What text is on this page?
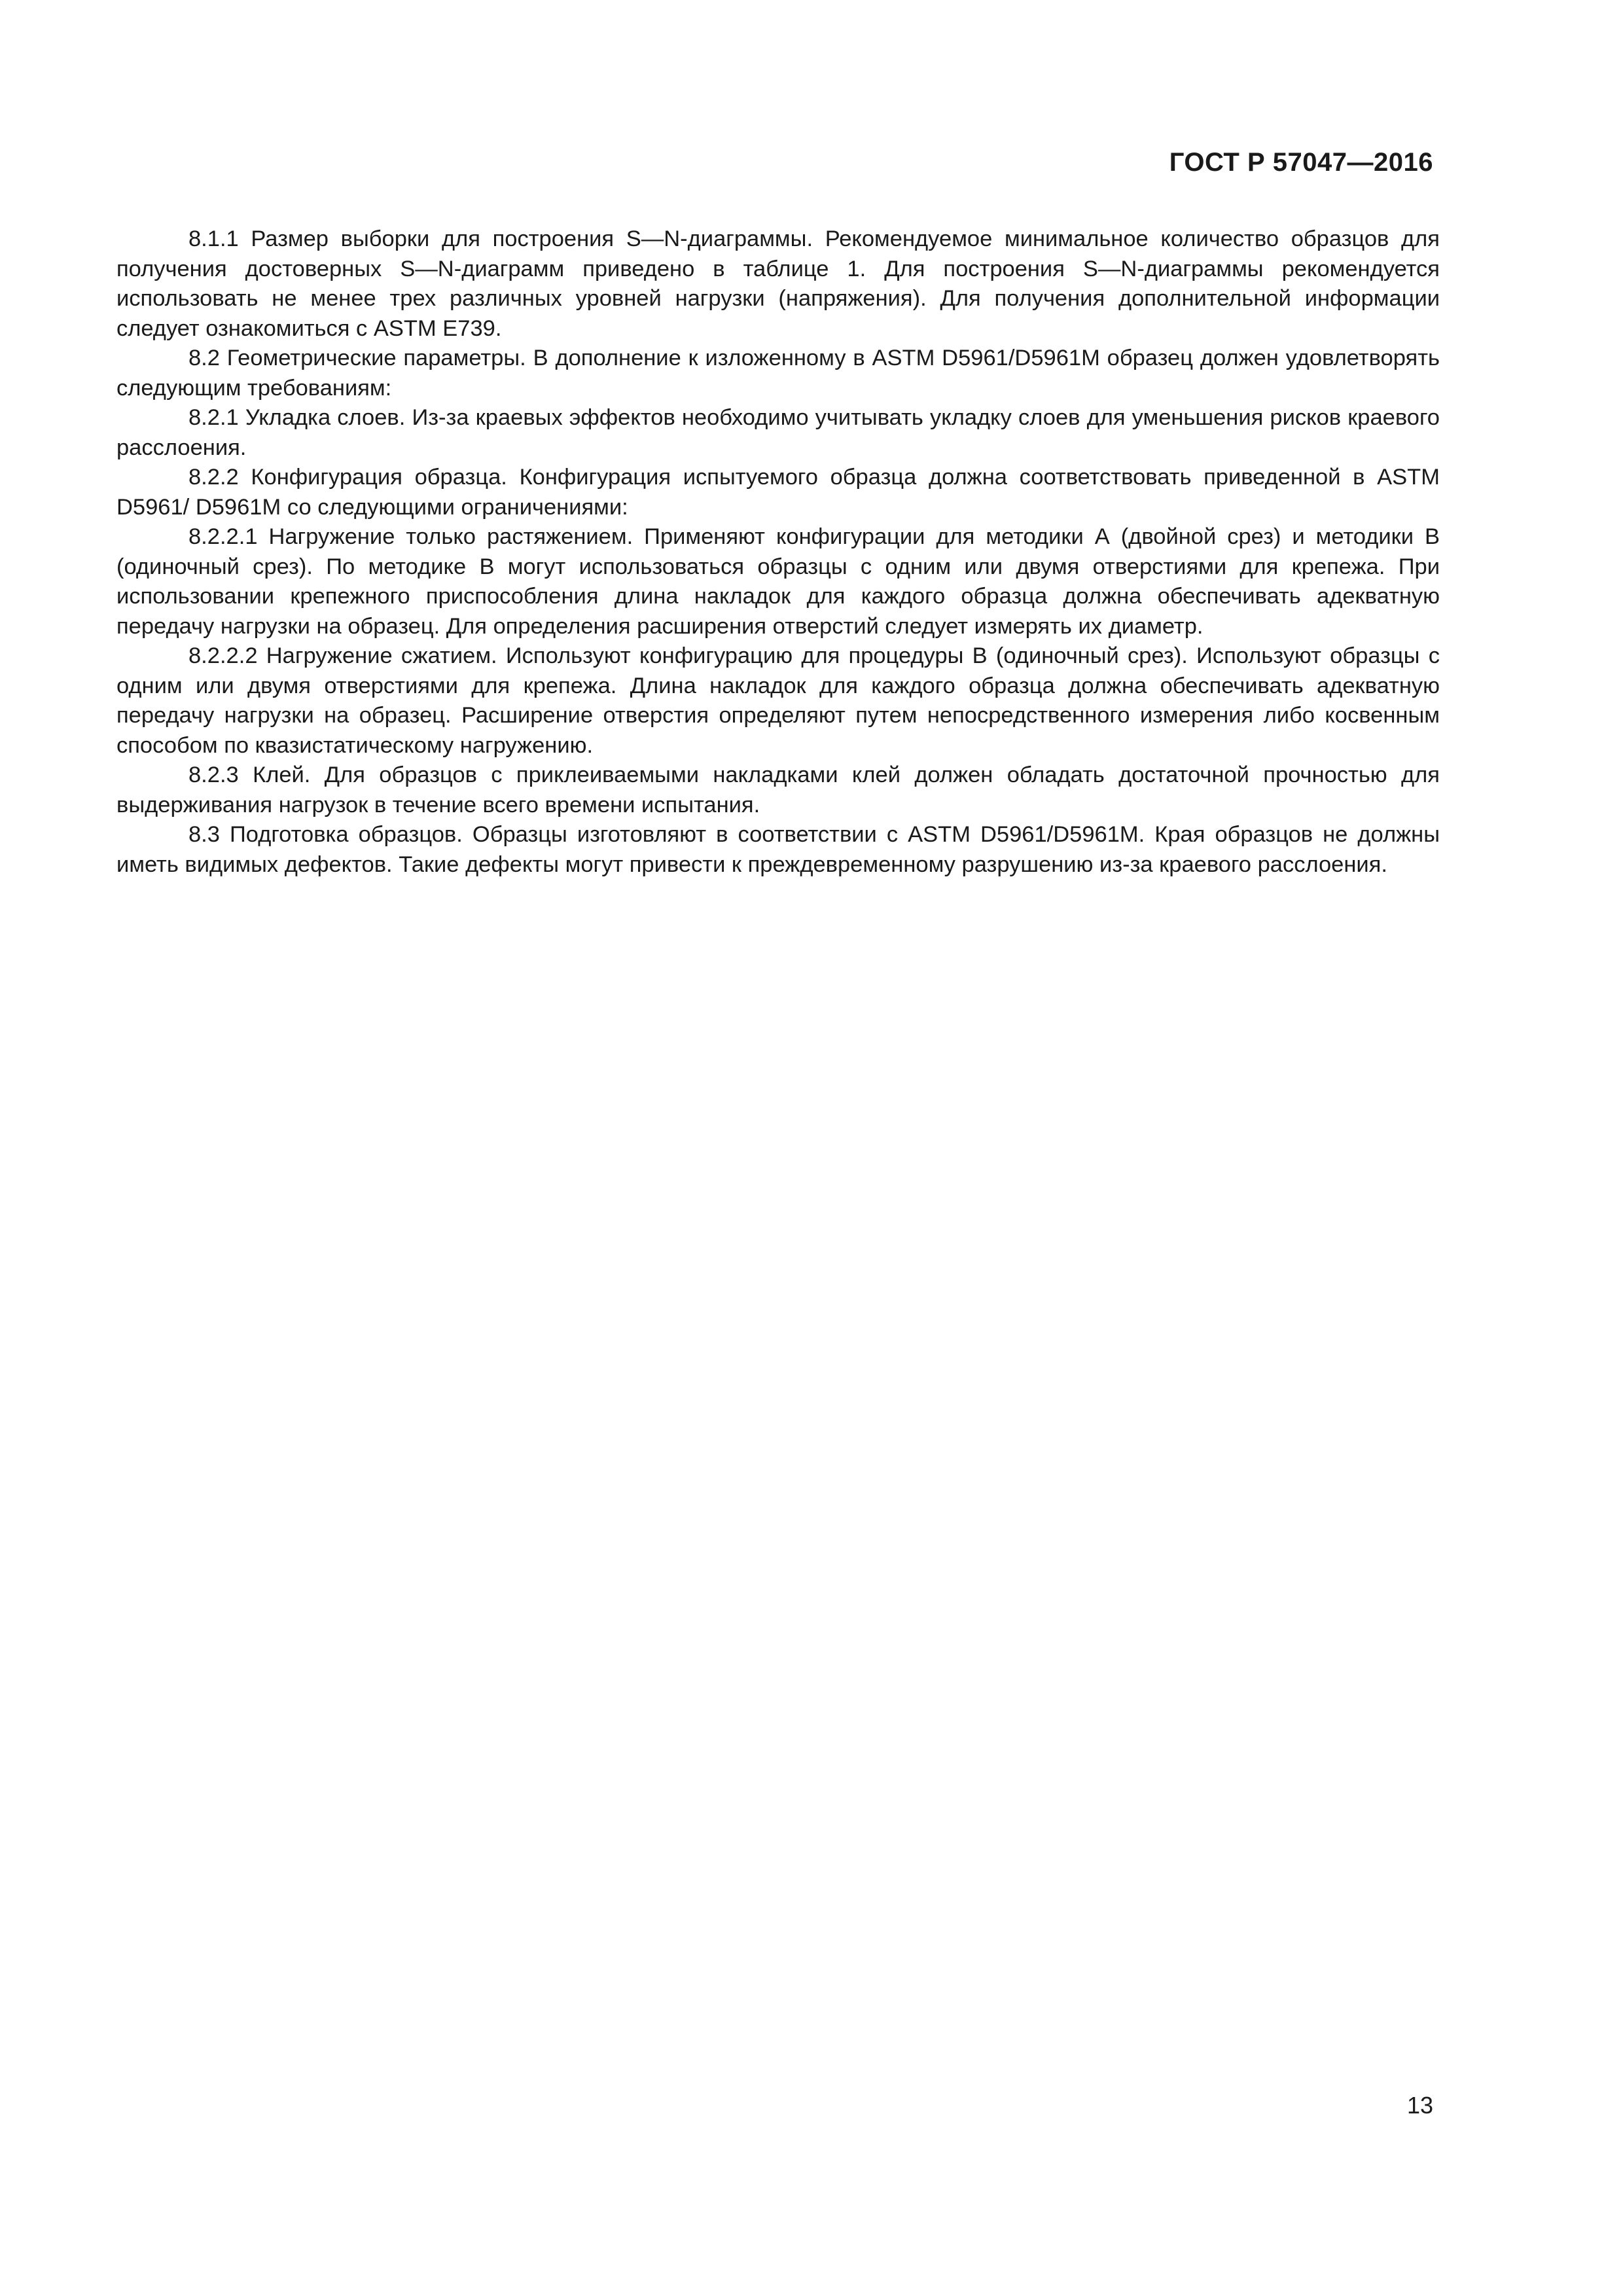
ГОСТ Р 57047—2016

8.1.1 Размер выборки для построения S—N-диаграммы. Рекомендуемое минимальное количество образцов для получения достоверных S—N-диаграмм приведено в таблице 1. Для построения S—N-диаграммы рекомендуется использовать не менее трех различных уровней нагрузки (напряжения). Для получения дополнительной информации следует ознакомиться с ASTM E739.

8.2 Геометрические параметры. В дополнение к изложенному в ASTM D5961/D5961M образец должен удовлетворять следующим требованиям:

8.2.1 Укладка слоев. Из-за краевых эффектов необходимо учитывать укладку слоев для уменьшения рисков краевого расслоения.

8.2.2 Конфигурация образца. Конфигурация испытуемого образца должна соответствовать приведенной в ASTM D5961/ D5961M со следующими ограничениями:

8.2.2.1 Нагружение только растяжением. Применяют конфигурации для методики А (двойной срез) и методики В (одиночный срез). По методике В могут использоваться образцы с одним или двумя отверстиями для крепежа. При использовании крепежного приспособления длина накладок для каждого образца должна обеспечивать адекватную передачу нагрузки на образец. Для определения расширения отверстий следует измерять их диаметр.

8.2.2.2 Нагружение сжатием. Используют конфигурацию для процедуры В (одиночный срез). Используют образцы с одним или двумя отверстиями для крепежа. Длина накладок для каждого образца должна обеспечивать адекватную передачу нагрузки на образец. Расширение отверстия определяют путем непосредственного измерения либо косвенным способом по квазистатическому нагружению.

8.2.3 Клей. Для образцов с приклеиваемыми накладками клей должен обладать достаточной прочностью для выдерживания нагрузок в течение всего времени испытания.

8.3 Подготовка образцов. Образцы изготовляют в соответствии с ASTM D5961/D5961M. Края образцов не должны иметь видимых дефектов. Такие дефекты могут привести к преждевременному разрушению из-за краевого расслоения.

13
